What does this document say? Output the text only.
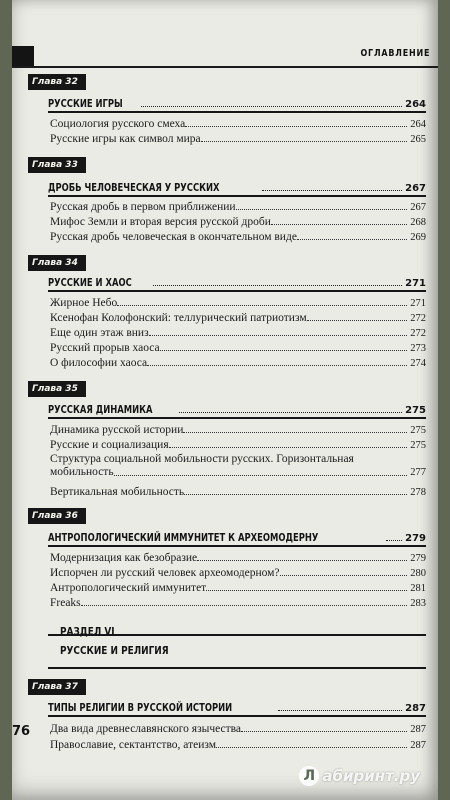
ОГЛАВЛЕНИЕ
Глава 32
РУССКИЕ ИГРЫ	264
Социология русского смеха	264
Русские игры как символ мира	265
Глава 33
ДРОБЬ ЧЕЛОВЕЧЕСКАЯ У РУССКИХ	267
Русская дробь в первом приближении	267
Мифос Земли и вторая версия русской дроби	268
Русская дробь человеческая в окончательном виде	269
Глава 34
РУССКИЕ И ХАОС	271
Жирное Небо	271
Ксенофан Колофонский: теллурический патриотизм	272
Еще один этаж вниз	272
Русский прорыв хаоса	273
О философии хаоса	274
Глава 35
РУССКАЯ ДИНАМИКА	275
Динамика русской истории	275
Русские и социализация	275
Структура социальной мобильности русских. Горизонтальная
мобильность	277
Вертикальная мобильность	278
Глава 36
АНТРОПОЛОГИЧЕСКИЙ ИММУНИТЕТ К АРХЕОМОДЕРНУ	279
Модернизация как безобразие	279
Испорчен ли русский человек археомодерном?	280
Антропологический иммунитет	281
Freaks	283
РАЗДЕЛ VI
РУССКИЕ И РЕЛИГИЯ
Глава 37
ТИПЫ РЕЛИГИИ В РУССКОЙ ИСТОРИИ	287
Два вида древнеславянского язычества	287
Православие, сектантство, атеизм	287
76
Л абиринт.ру
